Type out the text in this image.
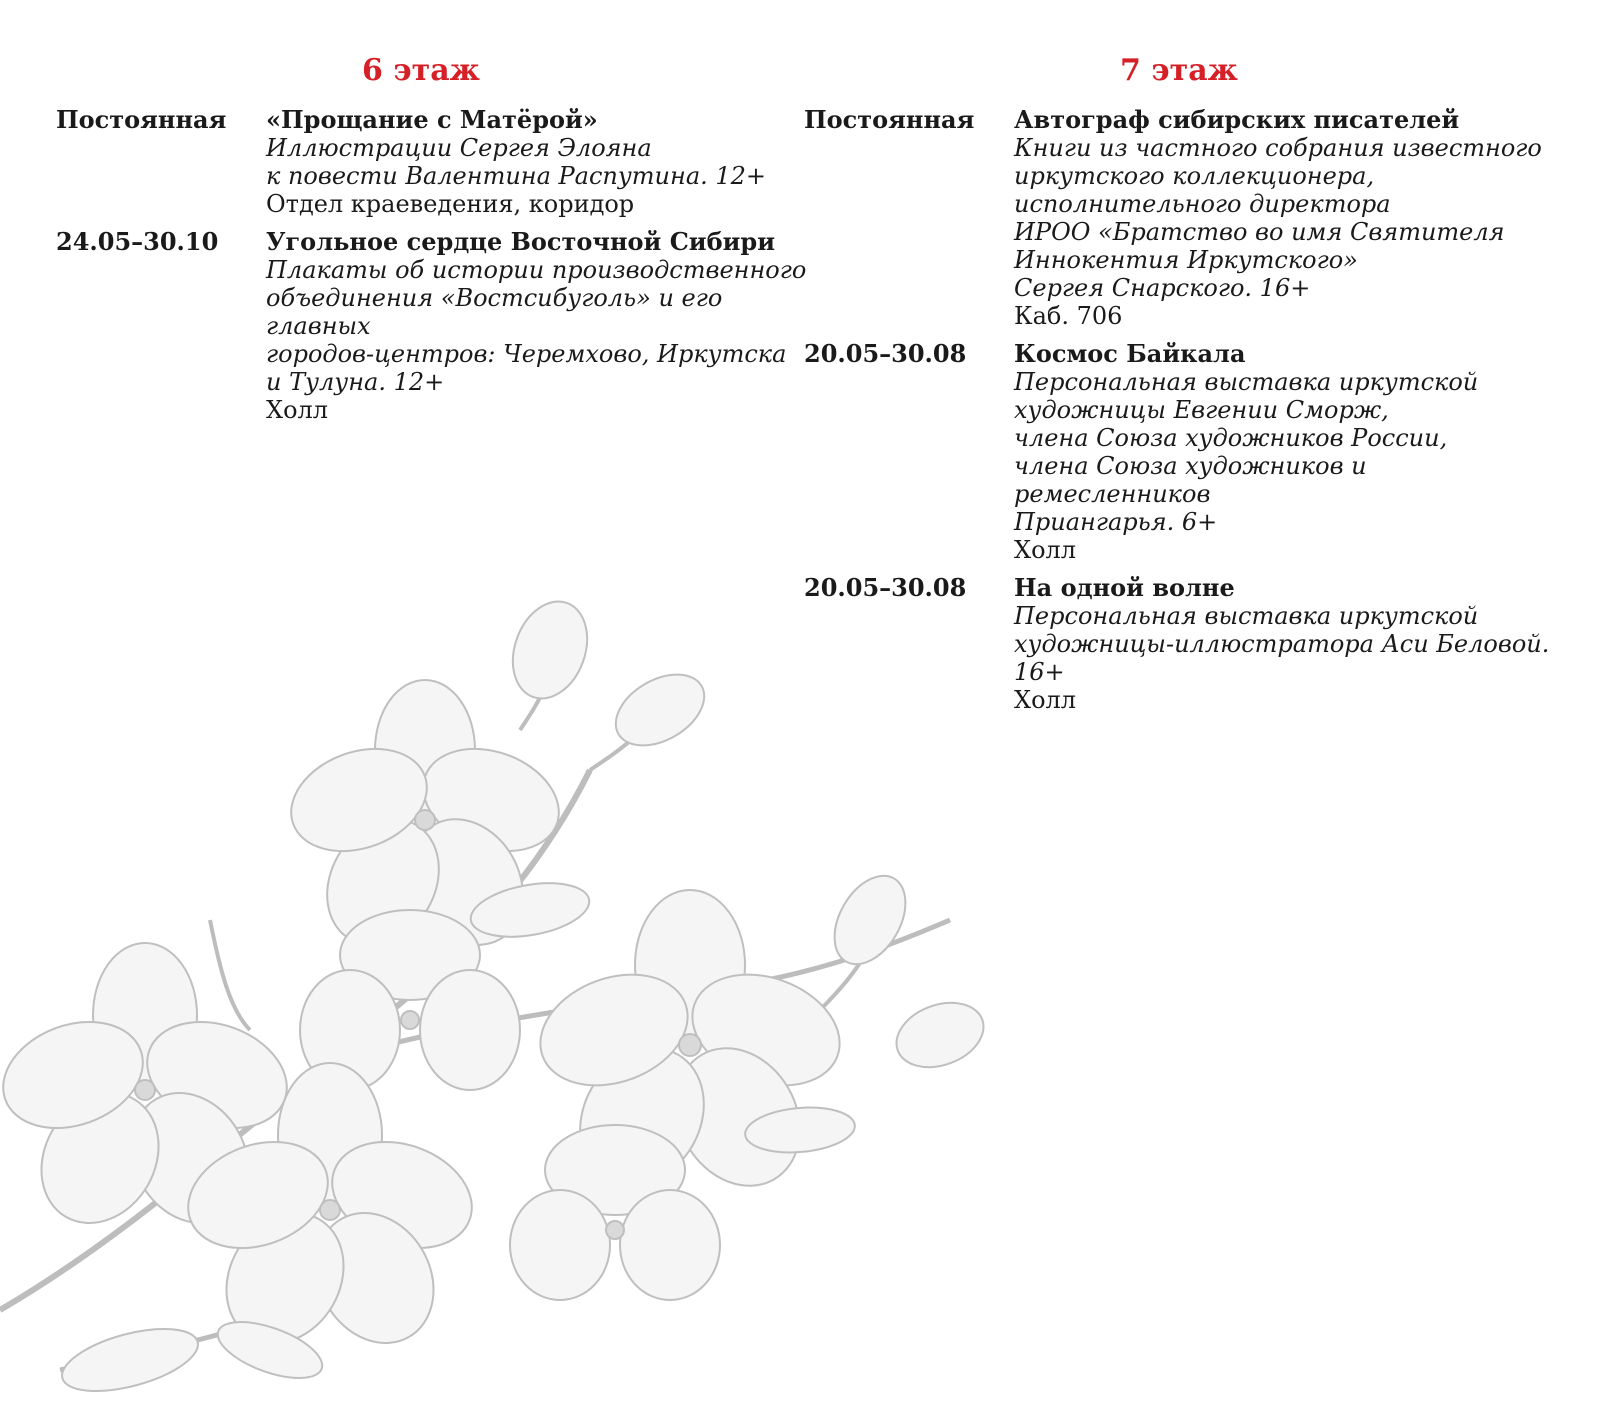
6 этаж
Постоянная	«Прощание с Матёрой»
Иллюстрации Сергея Элояна
к повести Валентина Распутина. 12+
Отдел краеведения, коридор
24.05–30.10	Угольное сердце Восточной Сибири
Плакаты об истории производственного
объединения «Востсибуголь» и его главных
городов-центров: Черемхово, Иркутска
и Тулуна. 12+
Холл
7 этаж
Постоянная	Автограф сибирских писателей
Книги из частного собрания известного
иркутского коллекционера,
исполнительного директора
ИРОО «Братство во имя Святителя
Иннокентия Иркутского»
Сергея Снарского. 16+
Каб. 706
20.05–30.08	Космос Байкала
Персональная выставка иркутской
художницы Евгении Сморж,
члена Союза художников России,
члена Союза художников и ремесленников
Приангарья. 6+
Холл
20.05–30.08	На одной волне
Персональная выставка иркутской
художницы-иллюстратора Аси Беловой.
16+
Холл
